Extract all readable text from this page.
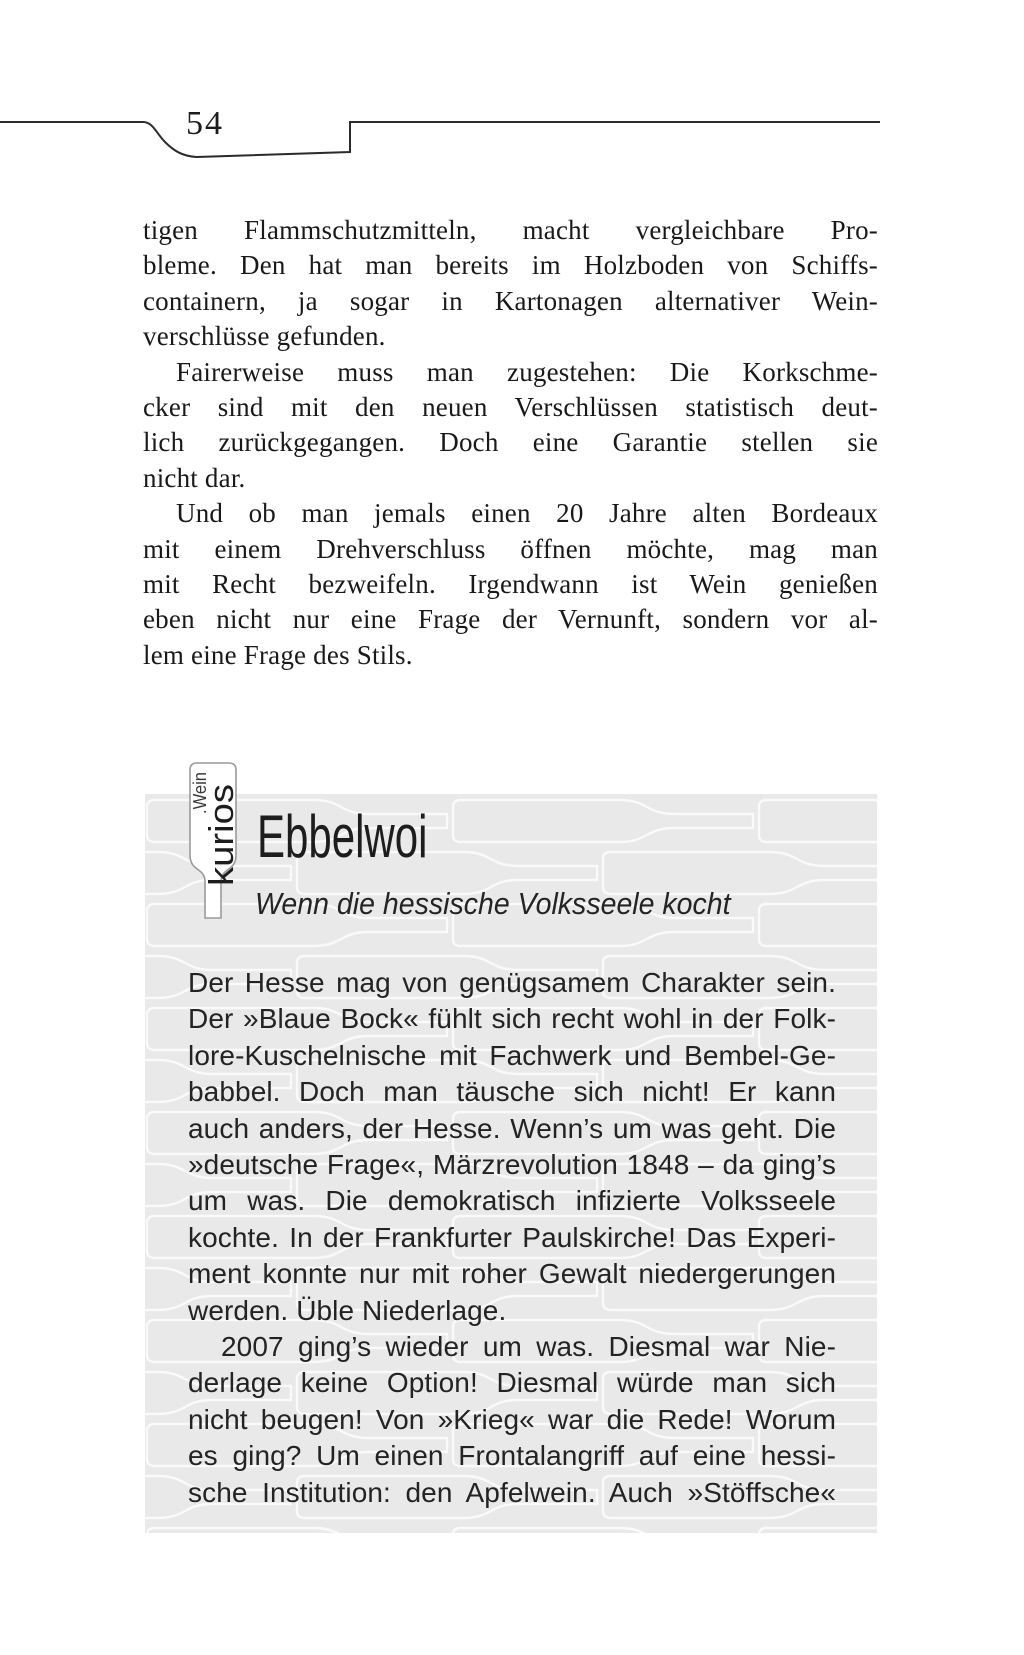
54
tigen Flammschutzmitteln, macht vergleichbare Pro-
bleme. Den hat man bereits im Holzboden von Schiffs-
containern, ja sogar in Kartonagen alternativer Wein-
verschlüsse gefunden.
Fairerweise muss man zugestehen: Die Korkschme-
cker sind mit den neuen Verschlüssen statistisch deut-
lich zurückgegangen. Doch eine Garantie stellen sie
nicht dar.
Und ob man jemals einen 20 Jahre alten Bordeaux
mit einem Drehverschluss öffnen möchte, mag man
mit Recht bezweifeln. Irgendwann ist Wein genießen
eben nicht nur eine Frage der Vernunft, sondern vor al-
lem eine Frage des Stils.
Ebbelwoi
Wenn die hessische Volksseele kocht
Der Hesse mag von genügsamem Charakter sein.
Der »Blaue Bock« fühlt sich recht wohl in der Folk-
lore-Kuschelnische mit Fachwerk und Bembel-Ge-
babbel. Doch man täusche sich nicht! Er kann
auch anders, der Hesse. Wenn’s um was geht. Die
»deutsche Frage«, Märzrevolution 1848 – da ging’s
um was. Die demokratisch infizierte Volksseele
kochte. In der Frankfurter Paulskirche! Das Experi-
ment konnte nur mit roher Gewalt niedergerungen
werden. Üble Niederlage.
2007 ging’s wieder um was. Diesmal war Nie-
derlage keine Option! Diesmal würde man sich
nicht beugen! Von »Krieg« war die Rede! Worum
es ging? Um einen Frontalangriff auf eine hessi-
sche Institution: den Apfelwein. Auch »Stöffsche«
kurios
.Wein
